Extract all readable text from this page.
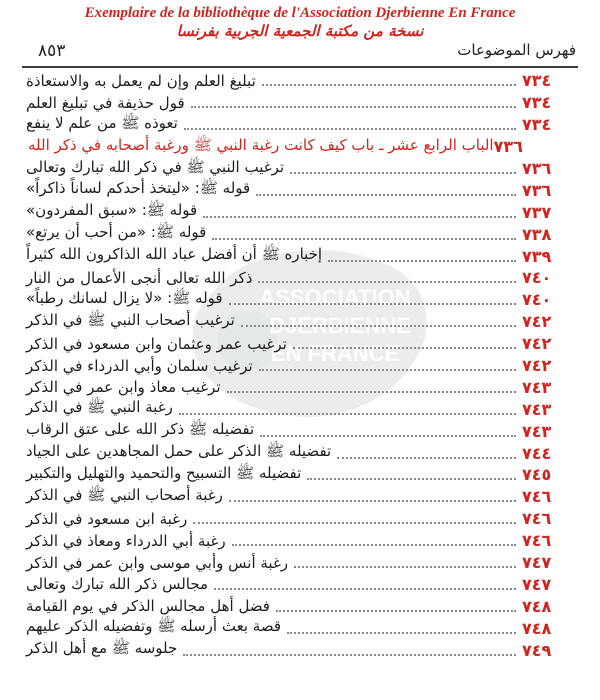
Exemplaire de la bibliothèque de l'Association Djerbienne En France
نسخة من مكتبة الجمعية الجربية بفرنسا
٨٥٣	فهرس الموضوعات
ASSOCIATION
DJERBIENNE
EN FRANCE
تبليغ العلم وإن لم يعمل به والاستعاذة	٧٣٤
قول حذيفة في تبليغ العلم	٧٣٤
تعوذه ﷺ من علم لا ينفع	٧٣٤
الباب الرابع عشر ـ باب كيف كانت رغبة النبي ﷺ ورغبة أصحابه في ذكر الله ٧٣٦
ترغيب النبي ﷺ في ذكر الله تبارك وتعالى	٧٣٦
قوله ﷺ: «ليتخذ أحدكم لساناً ذاكراً»	٧٣٦
قوله ﷺ: «سبق المفردون»	٧٣٧
قوله ﷺ: «من أحب أن يرتع»	٧٣٨
إخباره ﷺ أن أفضل عباد الله الذاكرون الله كثيراً	٧٣٩
ذكر الله تعالى أنجى الأعمال من النار	٧٤٠
قوله ﷺ: «لا يزال لسانك رطباً»	٧٤٠
ترغيب أصحاب النبي ﷺ في الذكر	٧٤٢
ترغيب عمر وعثمان وابن مسعود في الذكر	٧٤٢
ترغيب سلمان وأبي الدرداء في الذكر	٧٤٢
ترغيب معاذ وابن عمر في الذكر	٧٤٣
رغبة النبي ﷺ في الذكر	٧٤٣
تفضيله ﷺ ذكر الله على عتق الرقاب	٧٤٣
تفضيله ﷺ الذكر على حمل المجاهدين على الجياد	٧٤٤
تفضيله ﷺ التسبيح والتحميد والتهليل والتكبير	٧٤٥
رغبة أصحاب النبي ﷺ في الذكر	٧٤٦
رغبة ابن مسعود في الذكر	٧٤٦
رغبة أبي الدرداء ومعاذ في الذكر	٧٤٦
رغبة أنس وأبي موسى وابن عمر في الذكر	٧٤٧
مجالس ذكر الله تبارك وتعالى	٧٤٧
فضل أهل مجالس الذكر في يوم القيامة	٧٤٨
قصة بعث أرسله ﷺ وتفضيله الذكر عليهم	٧٤٨
جلوسه ﷺ مع أهل الذكر	٧٤٩
